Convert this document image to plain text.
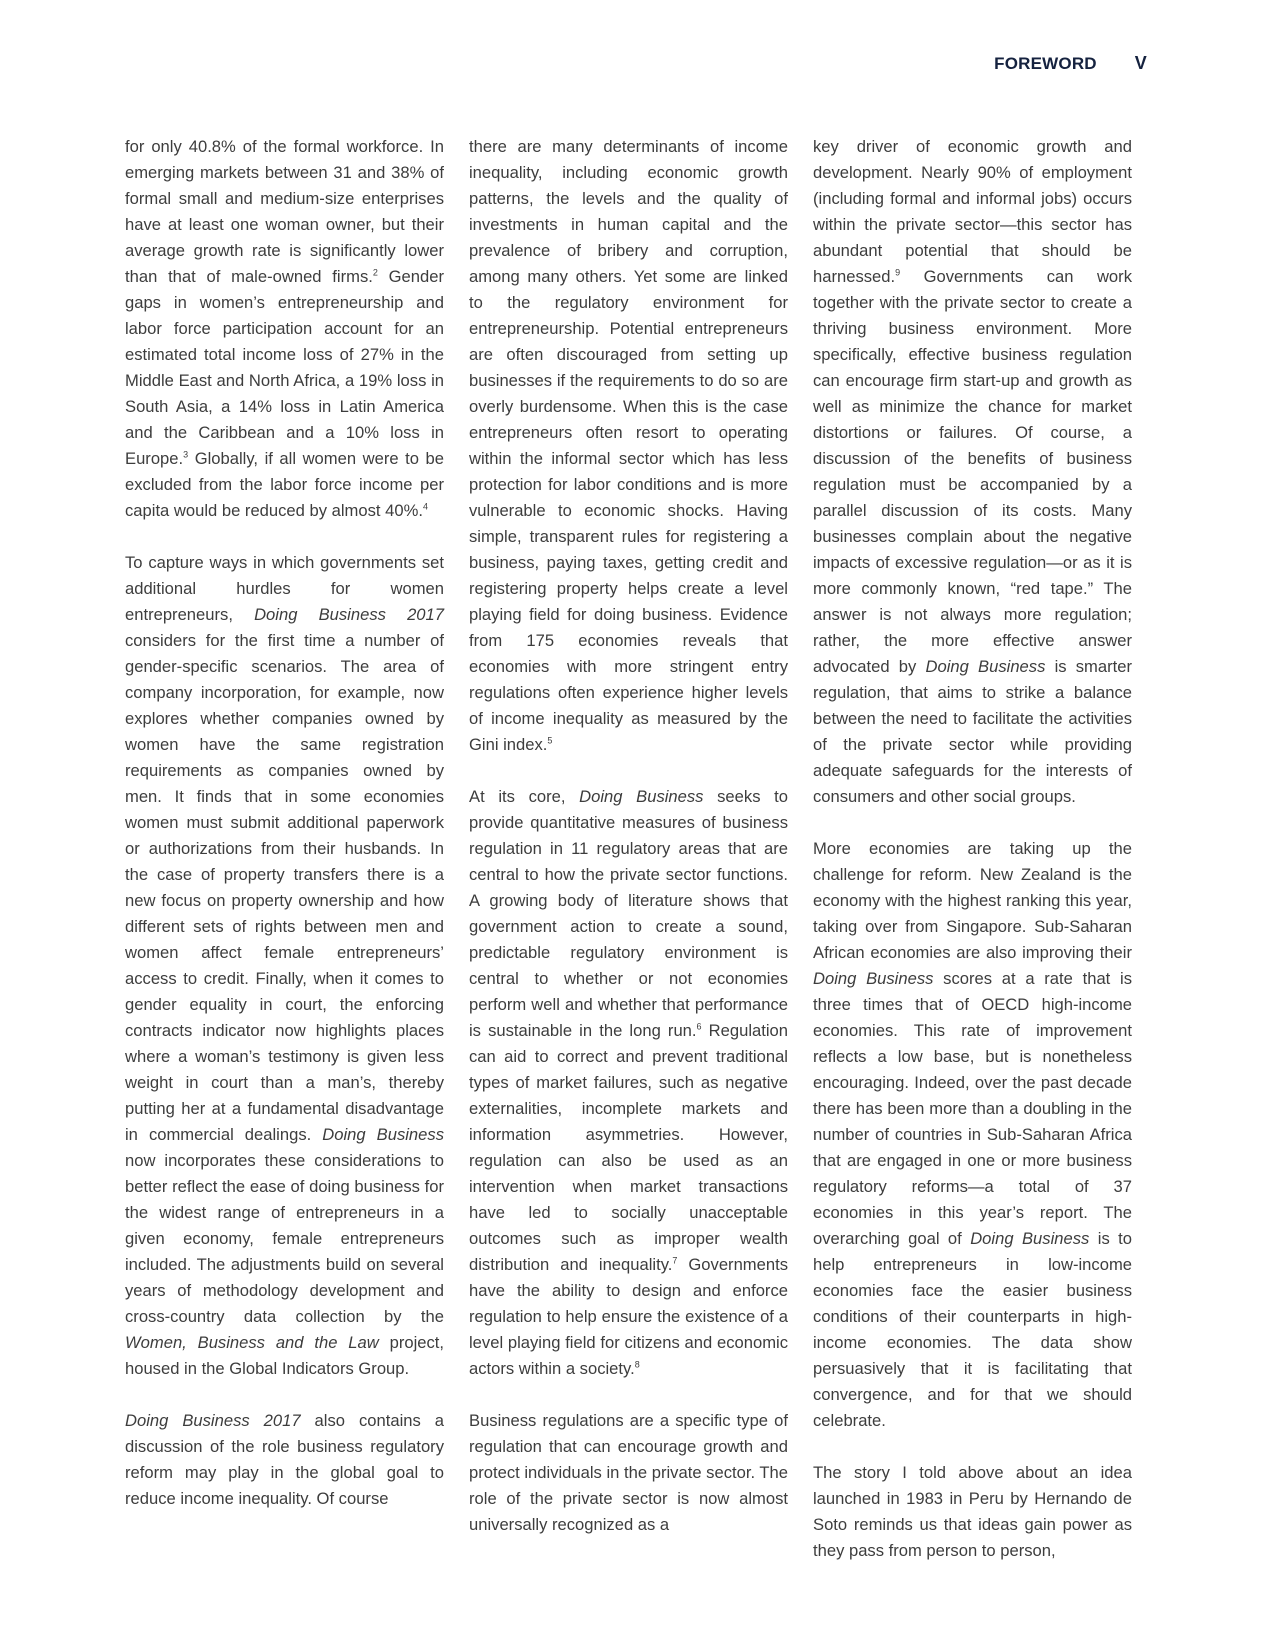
FOREWORD V

for only 40.8% of the formal workforce. In emerging markets between 31 and 38% of formal small and medium-size enterprises have at least one woman owner, but their average growth rate is significantly lower than that of male-owned firms.$^2$ Gender gaps in women’s entrepreneurship and labor force participation account for an estimated total income loss of 27% in the Middle East and North Africa, a 19% loss in South Asia, a 14% loss in Latin America and the Caribbean and a 10% loss in Europe.$^3$ Globally, if all women were to be excluded from the labor force income per capita would be reduced by almost 40%.$^4$

To capture ways in which governments set additional hurdles for women entrepreneurs, Doing Business 2017 considers for the first time a number of gender-specific scenarios. The area of company incorporation, for example, now explores whether companies owned by women have the same registration requirements as companies owned by men. It finds that in some economies women must submit additional paperwork or authorizations from their husbands. In the case of property transfers there is a new focus on property ownership and how different sets of rights between men and women affect female entrepreneurs’ access to credit. Finally, when it comes to gender equality in court, the enforcing contracts indicator now highlights places where a woman’s testimony is given less weight in court than a man’s, thereby putting her at a fundamental disadvantage in commercial dealings. Doing Business now incorporates these considerations to better reflect the ease of doing business for the widest range of entrepreneurs in a given economy, female entrepreneurs included. The adjustments build on several years of methodology development and cross-country data collection by the Women, Business and the Law project, housed in the Global Indicators Group.

Doing Business 2017 also contains a discussion of the role business regulatory reform may play in the global goal to reduce income inequality. Of course

there are many determinants of income inequality, including economic growth patterns, the levels and the quality of investments in human capital and the prevalence of bribery and corruption, among many others. Yet some are linked to the regulatory environment for entrepreneurship. Potential entrepreneurs are often discouraged from setting up businesses if the requirements to do so are overly burdensome. When this is the case entrepreneurs often resort to operating within the informal sector which has less protection for labor conditions and is more vulnerable to economic shocks. Having simple, transparent rules for registering a business, paying taxes, getting credit and registering property helps create a level playing field for doing business. Evidence from 175 economies reveals that economies with more stringent entry regulations often experience higher levels of income inequality as measured by the Gini index.$^5$

At its core, Doing Business seeks to provide quantitative measures of business regulation in 11 regulatory areas that are central to how the private sector functions. A growing body of literature shows that government action to create a sound, predictable regulatory environment is central to whether or not economies perform well and whether that performance is sustainable in the long run.$^6$ Regulation can aid to correct and prevent traditional types of market failures, such as negative externalities, incomplete markets and information asymmetries. However, regulation can also be used as an intervention when market transactions have led to socially unacceptable outcomes such as improper wealth distribution and inequality.$^7$ Governments have the ability to design and enforce regulation to help ensure the existence of a level playing field for citizens and economic actors within a society.$^8$

Business regulations are a specific type of regulation that can encourage growth and protect individuals in the private sector. The role of the private sector is now almost universally recognized as a

key driver of economic growth and development. Nearly 90% of employment (including formal and informal jobs) occurs within the private sector—this sector has abundant potential that should be harnessed.$^9$ Governments can work together with the private sector to create a thriving business environment. More specifically, effective business regulation can encourage firm start-up and growth as well as minimize the chance for market distortions or failures. Of course, a discussion of the benefits of business regulation must be accompanied by a parallel discussion of its costs. Many businesses complain about the negative impacts of excessive regulation—or as it is more commonly known, “red tape.” The answer is not always more regulation; rather, the more effective answer advocated by Doing Business is smarter regulation, that aims to strike a balance between the need to facilitate the activities of the private sector while providing adequate safeguards for the interests of consumers and other social groups.

More economies are taking up the challenge for reform. New Zealand is the economy with the highest ranking this year, taking over from Singapore. Sub-Saharan African economies are also improving their Doing Business scores at a rate that is three times that of OECD high-income economies. This rate of improvement reflects a low base, but is nonetheless encouraging. Indeed, over the past decade there has been more than a doubling in the number of countries in Sub-Saharan Africa that are engaged in one or more business regulatory reforms—a total of 37 economies in this year’s report. The overarching goal of Doing Business is to help entrepreneurs in low-income economies face the easier business conditions of their counterparts in high-income economies. The data show persuasively that it is facilitating that convergence, and for that we should celebrate.

The story I told above about an idea launched in 1983 in Peru by Hernando de Soto reminds us that ideas gain power as they pass from person to person,
